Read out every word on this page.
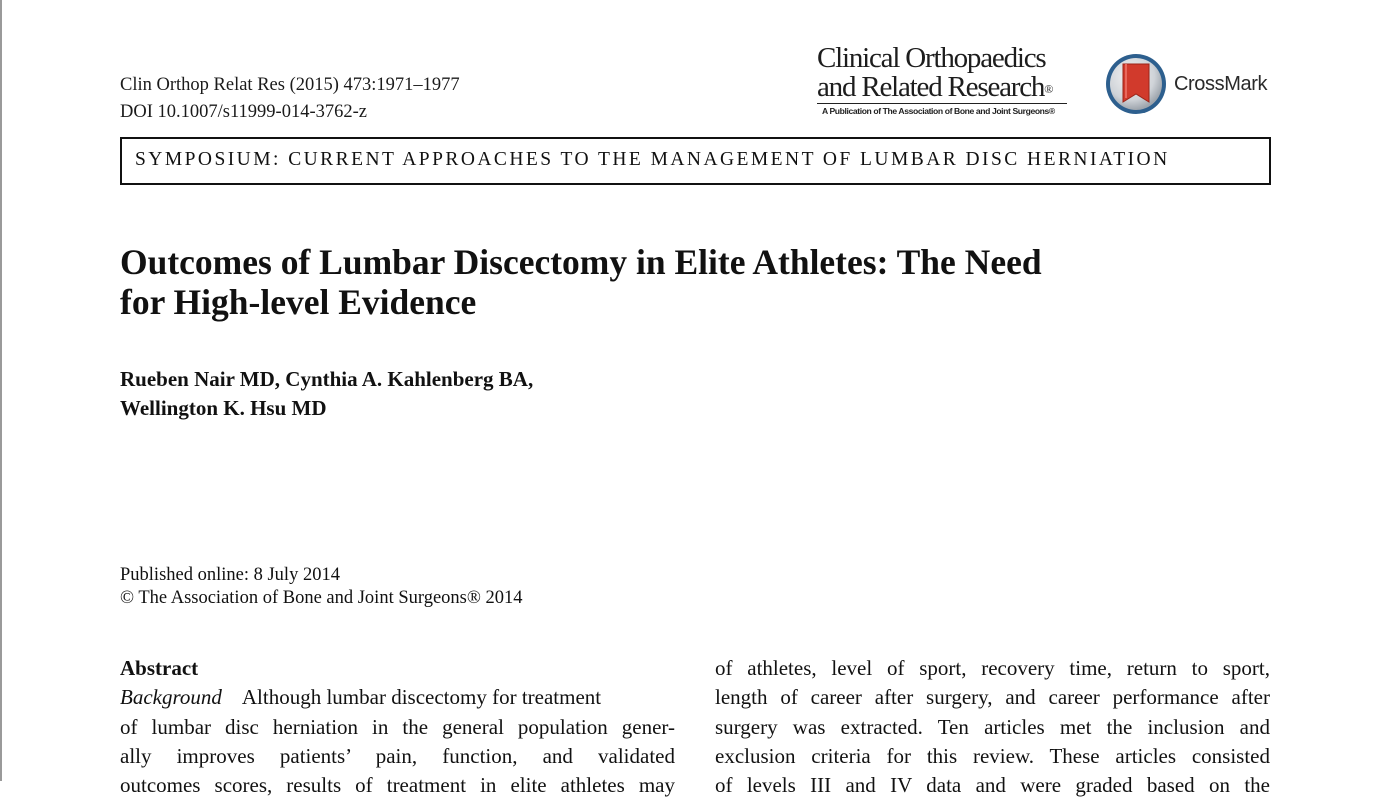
Clin Orthop Relat Res (2015) 473:1971–1977
DOI 10.1007/s11999-014-3762-z
Clinical Orthopaedics
and Related Research®
A Publication of The Association of Bone and Joint Surgeons®
CrossMark
SYMPOSIUM: CURRENT APPROACHES TO THE MANAGEMENT OF LUMBAR DISC HERNIATION
Outcomes of Lumbar Discectomy in Elite Athletes: The Need
for High-level Evidence
Rueben Nair MD, Cynthia A. Kahlenberg BA,
Wellington K. Hsu MD
Published online: 8 July 2014
© The Association of Bone and Joint Surgeons® 2014
Abstract
Background Although lumbar discectomy for treatment
of lumbar disc herniation in the general population gener-
ally improves patients’ pain, function, and validated
outcomes scores, results of treatment in elite athletes may
of athletes, level of sport, recovery time, return to sport,
length of career after surgery, and career performance after
surgery was extracted. Ten articles met the inclusion and
exclusion criteria for this review. These articles consisted
of levels III and IV data and were graded based on the
